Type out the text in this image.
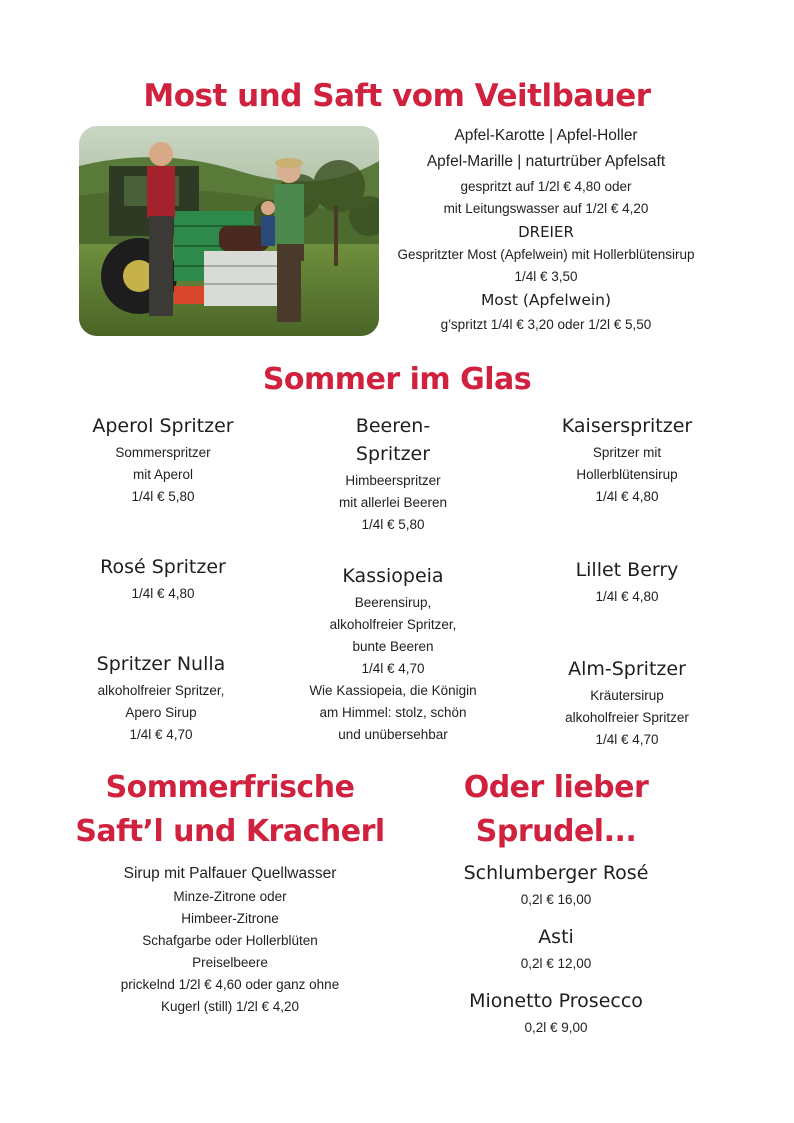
Most und Saft vom Veitlbauer
Apfel-Karotte | Apfel-Holler
Apfel-Marille | naturtrüber Apfelsaft
gespritzt auf 1/2l € 4,80 oder
mit Leitungswasser auf 1/2l € 4,20
DREIER
Gespritzter Most (Apfelwein) mit Hollerblütensirup
1/4l € 3,50
Most (Apfelwein)
g’spritzt 1/4l € 3,20 oder 1/2l € 5,50
Sommer im Glas
Aperol Spritzer
Sommerspritzer
mit Aperol
1/4l € 5,80
Rosé Spritzer
1/4l € 4,80
Spritzer Nulla
alkoholfreier Spritzer,
Apero Sirup
1/4l € 4,70
Beeren-
Spritzer
Himbeerspritzer
mit allerlei Beeren
1/4l € 5,80
Kassiopeia
Beerensirup,
alkoholfreier Spritzer,
bunte Beeren
1/4l € 4,70
Wie Kassiopeia, die Königin
am Himmel: stolz, schön
und unübersehbar
Kaiserspritzer
Spritzer mit
Hollerblütensirup
1/4l € 4,80
Lillet Berry
1/4l € 4,80
Alm-Spritzer
Kräutersirup
alkoholfreier Spritzer
1/4l € 4,70
Sommerfrische
Saft’l und Kracherl
Sirup mit Palfauer Quellwasser
Minze-Zitrone oder
Himbeer-Zitrone
Schafgarbe oder Hollerblüten
Preiselbeere
prickelnd 1/2l € 4,60 oder ganz ohne
Kugerl (still) 1/2l € 4,20
Oder lieber
Sprudel...
Schlumberger Rosé
0,2l € 16,00
Asti
0,2l € 12,00
Mionetto Prosecco
0,2l € 9,00
